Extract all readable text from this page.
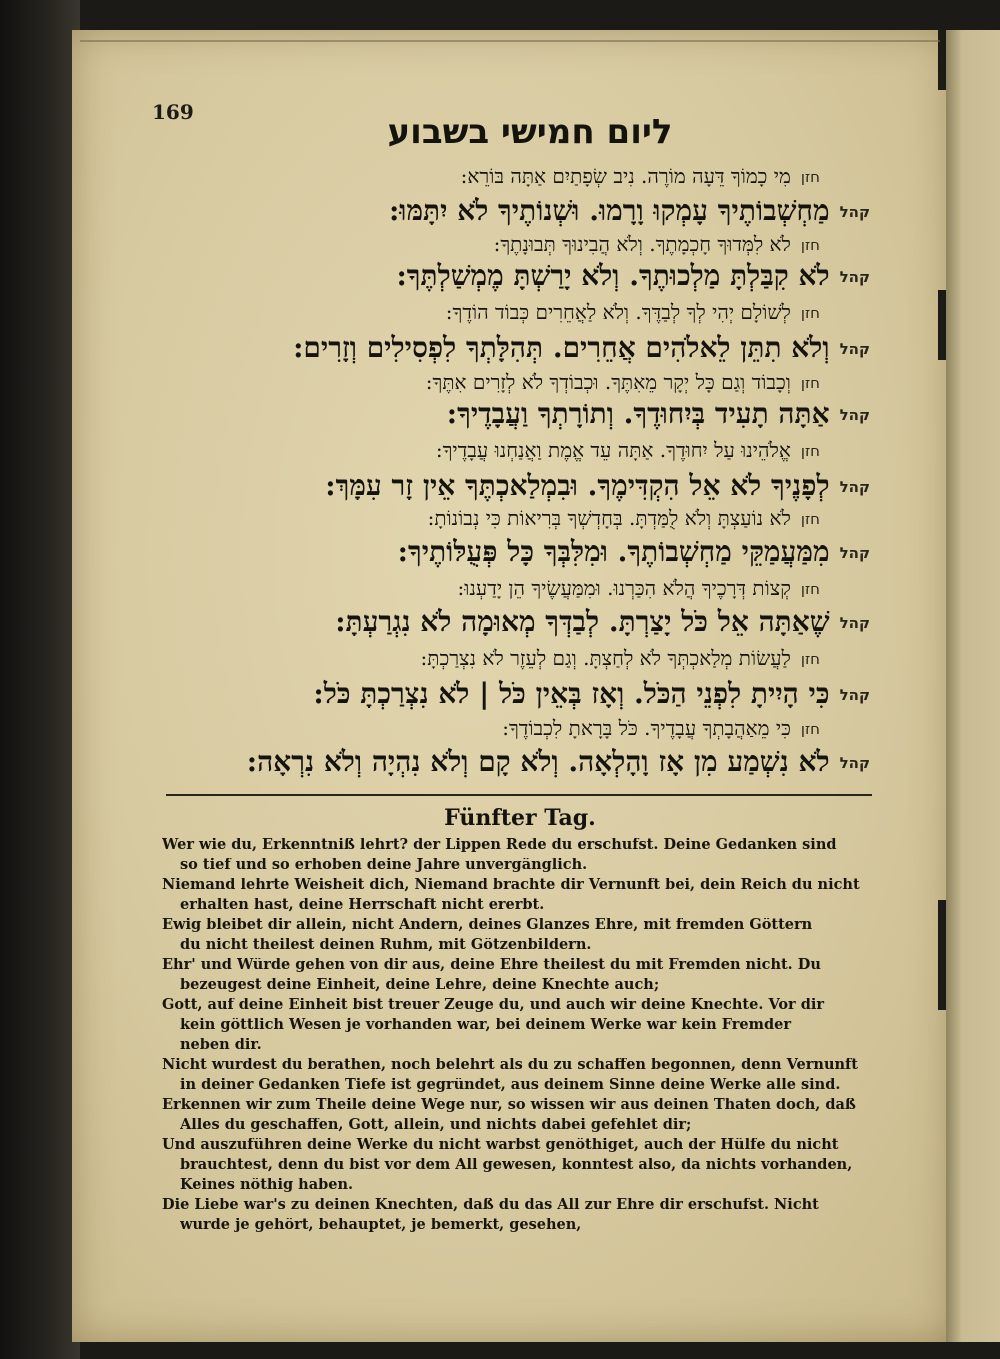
169	ליום חמישי בשבוע
חזןמִי כָמוֹךָ דֵּעָה מוֹרֶה. נִיב שְׂפָתַיִם אַתָּה בּוֹרֵא:
קהלמַחְשְׁבוֹתֶיךָ עָמְקוּ וָרָמוּ. וּשְׁנוֹתֶיךָ לֹא יִתָּמּוּ:
חזןלֹא לִמְּדוּךָ חָכְמָתֶךָ. וְלֹא הֲבִינוּךָ תְּבוּנָתֶךָ:
קהללֹא קִבַּלְתָּ מַלְכוּתֶךָ. וְלֹא יָרַשְׁתָּ מֶמְשַׁלְתֶּךָ:
חזןלְשׁוֹלָם יְהִי לְךָ לְבַדֶּךָ. וְלֹא לַאֲחֵרִים כְּבוֹד הוֹדֶךָ:
קהלוְלֹא תִתֵּן לֵאלֹהִים אֲחֵרִים. תְּהִלָּתְךָ לִפְסִילִים וְזָרִים:
חזןוְכָבוֹד וְגַם כָּל יְקָר מֵאִתֶּךָ. וּכְבוֹדְךָ לֹא לְזָרִים אִתֶּךָ:
קהלאַתָּה תָעִיד בְּיִחוּדֶךָ. וְתוֹרָתְךָ וַעֲבָדֶיךָ:
חזןאֱלֹהֵינוּ עַל יִחוּדֶךָ. אַתָּה עֵד אֱמֶת וַאֲנַחְנוּ עֲבָדֶיךָ:
קהללְפָנֶיךָ לֹא אֵל הִקְדִּימֶךָ. וּבִמְלַאכְתֶּךָ אֵין זָר עִמָּךְ:
חזןלֹא נוֹעַצְתָּ וְלֹא לֻמַּדְתָּ. בְּחָדְשְׁךָ בְּרִיאוֹת כִּי נְבוֹנוֹתָ:
קהלמִמַּעֲמַקֵּי מַחְשְׁבוֹתֶךָ. וּמִלִּבְּךָ כָּל פְּעֻלּוֹתֶיךָ:
חזןקְצוֹת דְּרָכֶיךָ הֲלֹא הִכַּרְנוּ. וּמִמַּעֲשֶׂיךָ הֵן יָדַעְנוּ:
קהלשֶׁאַתָּה אֵל כֹּל יָצַרְתָּ. לְבַדְּךָ מְאוּמָה לֹא נִגְרַעְתָּ:
חזןלַעֲשׂוֹת מְלַאכְתְּךָ לֹא לְחַצְתָּ. וְגַם לְעֵזֶר לֹא נִצְרַכְתָּ:
קהלכִּי הָיִיתָ לִפְנֵי הַכֹּל. וְאָז בְּאֵין כֹּל | לֹא נִצְרַכְתָּ כֹּל:
חזןכִּי מֵאַהֲבָתְךָ עֲבָדֶיךָ. כֹּל בָּרָאתָ לִכְבוֹדֶךָ:
קהללֹא נִשְׁמַע מִן אָז וָהָלְאָה. וְלֹא קָם וְלֹא נִהְיָה וְלֹא נִרְאָה:
Fünfter Tag.
Wer wie du, Erkenntniß lehrt? der Lippen Rede du erschufst. Deine Gedanken sind
so tief und so erhoben deine Jahre unvergänglich.
Niemand lehrte Weisheit dich, Niemand brachte dir Vernunft bei, dein Reich du nicht
erhalten hast, deine Herrschaft nicht ererbt.
Ewig bleibet dir allein, nicht Andern, deines Glanzes Ehre, mit fremden Göttern
du nicht theilest deinen Ruhm, mit Götzenbildern.
Ehr' und Würde gehen von dir aus, deine Ehre theilest du mit Fremden nicht. Du
bezeugest deine Einheit, deine Lehre, deine Knechte auch;
Gott, auf deine Einheit bist treuer Zeuge du, und auch wir deine Knechte. Vor dir
kein göttlich Wesen je vorhanden war, bei deinem Werke war kein Fremder
neben dir.
Nicht wurdest du berathen, noch belehrt als du zu schaffen begonnen, denn Vernunft
in deiner Gedanken Tiefe ist gegründet, aus deinem Sinne deine Werke alle sind.
Erkennen wir zum Theile deine Wege nur, so wissen wir aus deinen Thaten doch, daß
Alles du geschaffen, Gott, allein, und nichts dabei gefehlet dir;
Und auszuführen deine Werke du nicht warbst genöthiget, auch der Hülfe du nicht
brauchtest, denn du bist vor dem All gewesen, konntest also, da nichts vorhanden,
Keines nöthig haben.
Die Liebe war's zu deinen Knechten, daß du das All zur Ehre dir erschufst. Nicht
wurde je gehört, behauptet, je bemerkt, gesehen,
